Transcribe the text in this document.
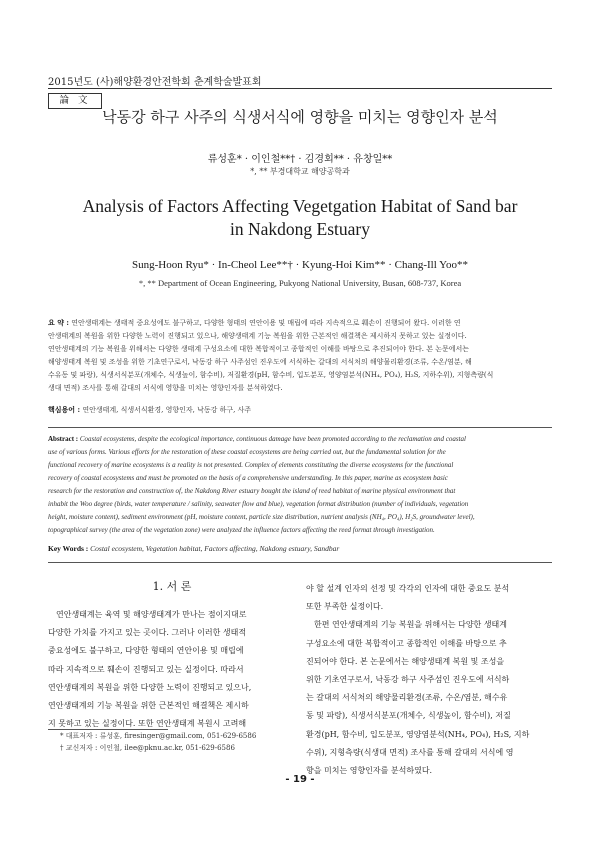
2015년도 (사)해양환경안전학회 춘계학술발표회
論 文
낙동강 하구 사주의 식생서식에 영향을 미치는 영향인자 분석
류성훈* · 이인철**† · 김경회** · 유창일**
*, ** 부경대학교 해양공학과
Analysis of Factors Affecting Vegetgation Habitat of Sand bar
in Nakdong Estuary
Sung-Hoon Ryu* · In-Cheol Lee**† · Kyung-Hoi Kim** · Chang-Ill Yoo**
*, ** Department of Ocean Engineering, Pukyong National University, Busan, 608-737, Korea
요 약 : 연안생태계는 생태적 중요성에도 불구하고, 다양한 형태의 연안이용 및 매립에 따라 지속적으로 훼손이 진행되어 왔다. 이러한 연
안생태계의 복원을 위한 다양한 노력이 진행되고 있으나, 해양생태계 기능 복원을 위한 근본적인 해결책은 제시하지 못하고 있는 실정이다.
연안생태계의 기능 복원을 위해서는 다양한 생태계 구성요소에 대한 복합적이고 종합적인 이해를 바탕으로 추진되어야 한다. 본 논문에서는
해양생태계 복원 및 조성을 위한 기초연구로서, 낙동강 하구 사주섬인 진우도에 서식하는 갈대의 서식처의 해양물리환경(조류, 수온/염분, 해
수유동 및 파랑), 식생서식분포(개체수, 식생높이, 함수비), 저질환경(pH, 함수비, 입도분포, 영양염분석(NH₄, PO₄), H₂S, 지하수위), 지형측량(식
생대 면적) 조사를 통해 갈대의 서식에 영향을 미치는 영향인자를 분석하였다.
핵심용어 : 연안생태계, 식생서식환경, 영향인자, 낙동강 하구, 사주
Abstract : Coastal ecosystems, despite the ecological importance, continuous damage have been promoted according to the reclamation and coastal
use of various forms. Various efforts for the restoration of these coastal ecosystems are being carried out, but the fundamental solution for the
functional recovery of marine ecosystems is a reality is not presented. Complex of elements constituting the diverse ecosystems for the functional
recovery of coastal ecosystems and must be promoted on the basis of a comprehensive understanding. In this paper, marine as ecosystem basic
research for the restoration and construction of, the Nakdong River estuary bought the island of reed habitat of marine physical environment that
inhabit the Woo degree (birds, water temperature / salinity, seawater flow and blue), vegetation format distribution (number of individuals, vegetation
height, moisture content), sediment environment (pH, moisture content, particle size distribution, nutrient analysis (NH₄, PO₄), H₂S, groundwater level),
topographical survey (the area of the vegetation zone) were analyzed the influence factors affecting the reed format through investigation.
Key Words : Costal ecosystem, Vegetation habitat, Factors affecting, Nakdong estuary, Sandbar
1. 서 론
연안생태계는 육역 및 해양생태계가 만나는 점이지대로
다양한 가치를 가지고 있는 곳이다. 그러나 이러한 생태적
중요성에도 불구하고, 다양한 형태의 연안이용 및 매립에
따라 지속적으로 훼손이 진행되고 있는 실정이다. 따라서
연안생태계의 복원을 위한 다양한 노력이 진행되고 있으나,
연안생태계의 기능 복원을 위한 근본적인 해결책은 제시하
지 못하고 있는 실정이다. 또한 연안생태계 복원시 고려해
야 할 설계 인자의 선정 및 각각의 인자에 대한 중요도 분석
또한 부족한 실정이다.
한편 연안생태계의 기능 복원을 위해서는 다양한 생태계
구성요소에 대한 복합적이고 종합적인 이해를 바탕으로 추
진되어야 한다. 본 논문에서는 해양생태계 복원 및 조성을
위한 기초연구로서, 낙동강 하구 사주섬인 진우도에 서식하
는 갈대의 서식처의 해양물리환경(조류, 수온/염분, 해수유
동 및 파랑), 식생서식분포(개체수, 식생높이, 함수비), 저질
환경(pH, 함수비, 입도분포, 영양염분석(NH₄, PO₄), H₂S, 지하
수위), 지형측량(식생대 면적) 조사를 통해 갈대의 서식에 영
향을 미치는 영향인자를 분석하였다.
* 대표저자 : 류성훈, firesinger@gmail.com, 051-629-6586
† 교신저자 : 이인철, ilee@pknu.ac.kr, 051-629-6586
- 19 -
